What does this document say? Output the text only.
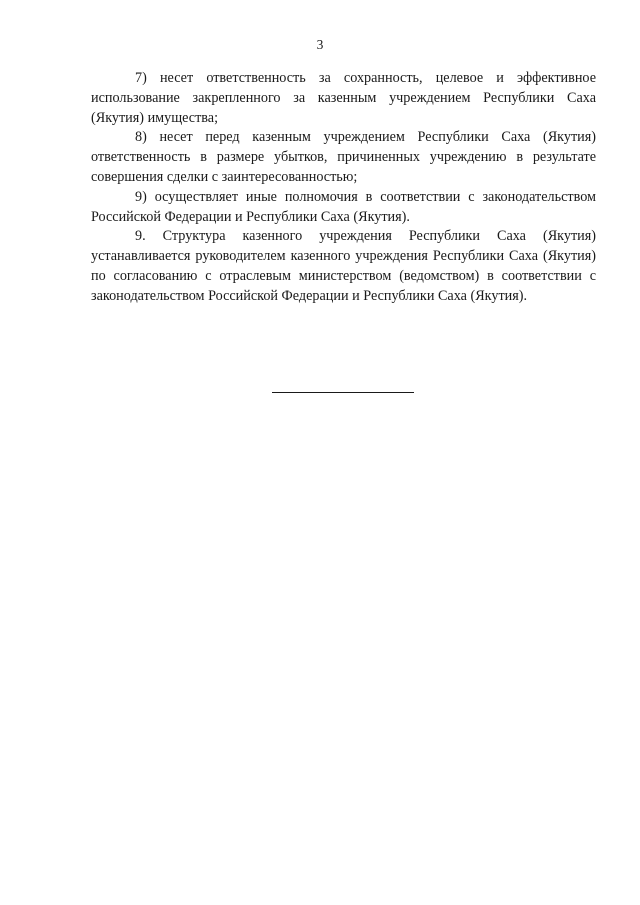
3

7) несет ответственность за сохранность, целевое и эффективное использование закрепленного за казенным учреждением Республики Саха (Якутия) имущества;

8) несет перед казенным учреждением Республики Саха (Якутия) ответственность в размере убытков, причиненных учреждению в результате совершения сделки с заинтересованностью;

9) осуществляет иные полномочия в соответствии с законодательством Российской Федерации и Республики Саха (Якутия).

9. Структура казенного учреждения Республики Саха (Якутия) устанавливается руководителем казенного учреждения Республики Саха (Якутия) по согласованию с отраслевым министерством (ведомством) в соответствии с законодательством Российской Федерации и Республики Саха (Якутия).
